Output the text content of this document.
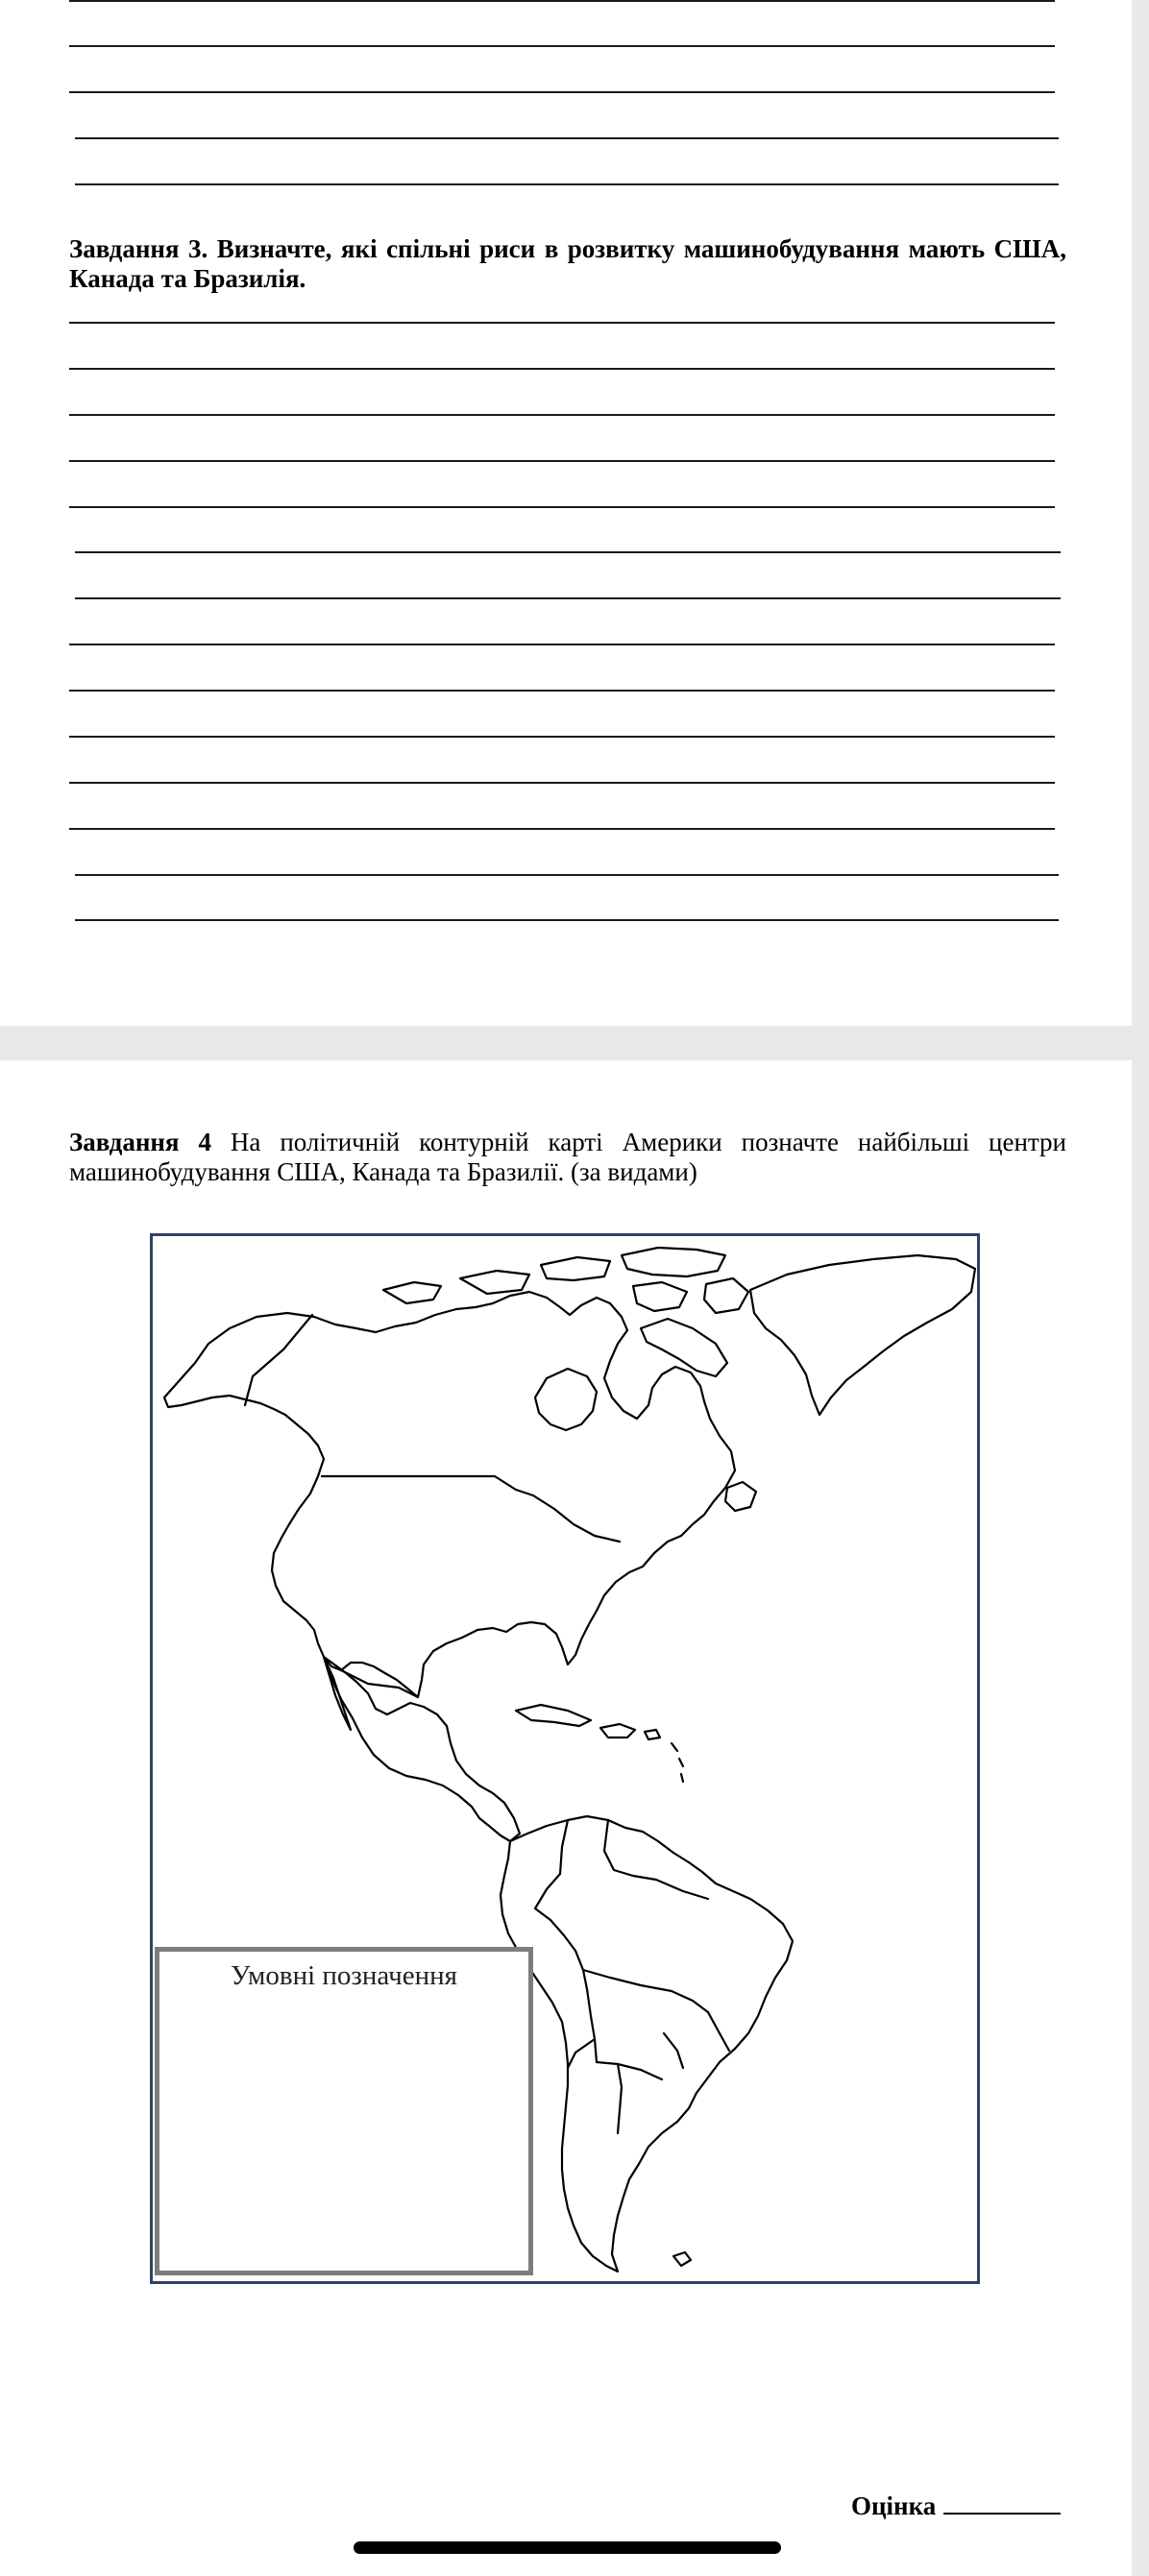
Завдання 3. Визначте, які спільні риси в розвитку машинобудування мають США, Канада та Бразилія.
Завдання 4 На політичній контурній карті Америки позначте найбільші центри машинобудування США, Канада та Бразилії. (за видами)
Умовні позначення
Оцінка
